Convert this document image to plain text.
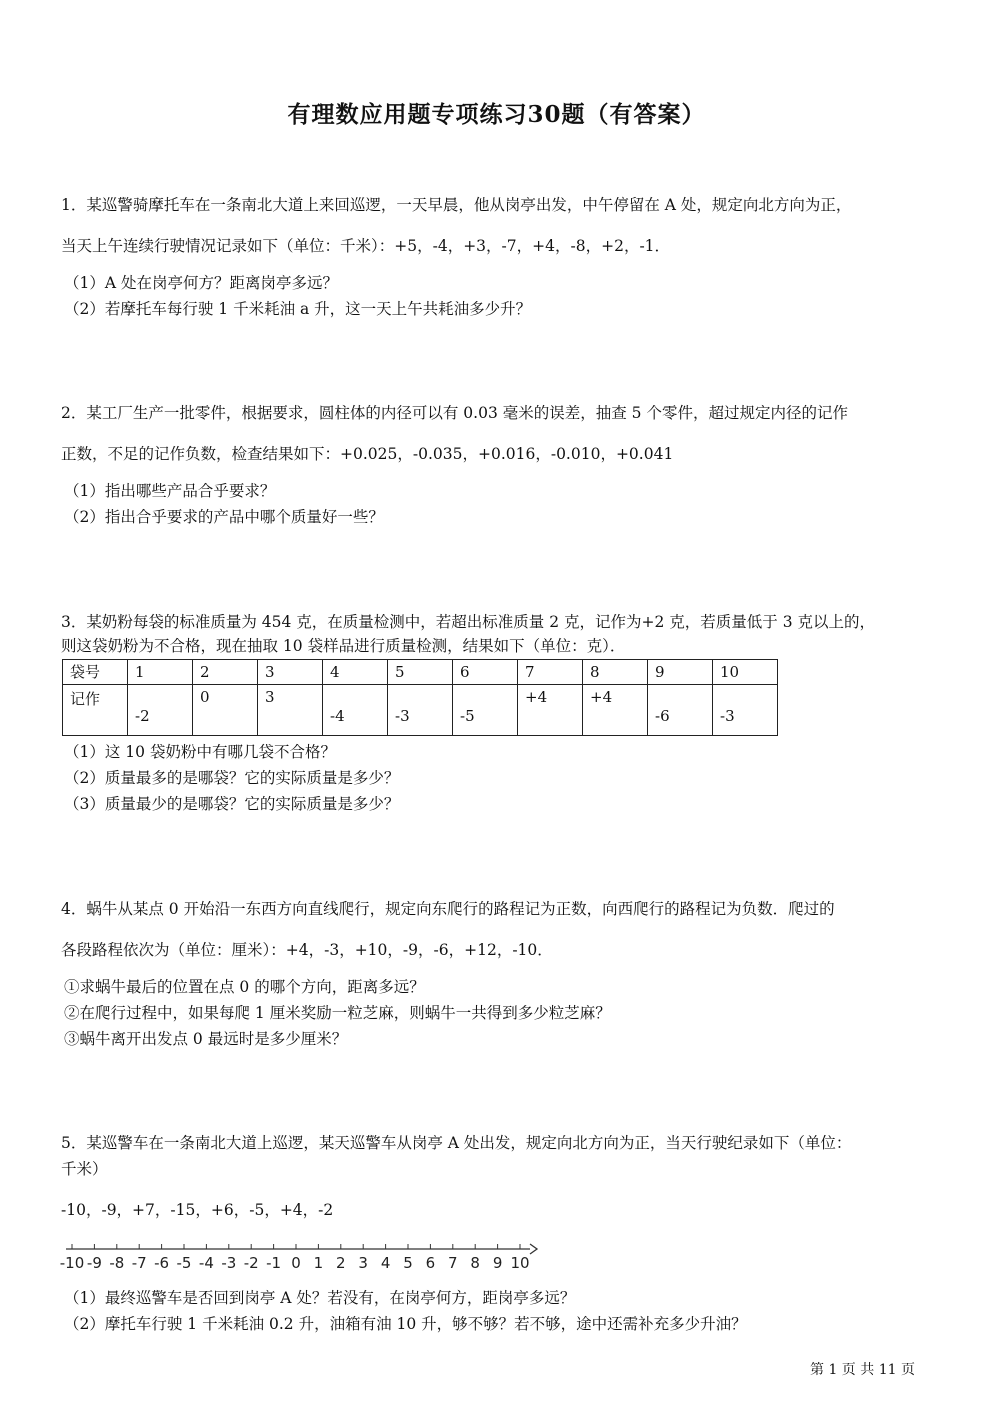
有理数应用题专项练习30题（有答案）
1．某巡警骑摩托车在一条南北大道上来回巡逻，一天早晨，他从岗亭出发，中午停留在 A 处，规定向北方向为正，
当天上午连续行驶情况记录如下（单位：千米）：+5，-4，+3，-7，+4，-8，+2，-1．
（1）A 处在岗亭何方？距离岗亭多远？
（2）若摩托车每行驶 1 千米耗油 a 升，这一天上午共耗油多少升？
2．某工厂生产一批零件，根据要求，圆柱体的内径可以有 0.03 毫米的误差，抽查 5 个零件，超过规定内径的记作
正数，不足的记作负数，检查结果如下：+0.025，-0.035，+0.016，-0.010，+0.041
（1）指出哪些产品合乎要求？
（2）指出合乎要求的产品中哪个质量好一些？
3．某奶粉每袋的标准质量为 454 克，在质量检测中，若超出标准质量 2 克，记作为+2 克，若质量低于 3 克以上的，
则这袋奶粉为不合格，现在抽取 10 袋样品进行质量检测，结果如下（单位：克）．
袋号	1	2	3	4	5	6	7	8	9	10

记作	-2	0	3	-4	-3	-5	+4	+4	-6	-3
（1）这 10 袋奶粉中有哪几袋不合格？
（2）质量最多的是哪袋？它的实际质量是多少？
（3）质量最少的是哪袋？它的实际质量是多少？
4．蜗牛从某点 0 开始沿一东西方向直线爬行，规定向东爬行的路程记为正数，向西爬行的路程记为负数．爬过的
各段路程依次为（单位：厘米）：+4，-3，+10，-9，-6，+12，-10．
①求蜗牛最后的位置在点 0 的哪个方向，距离多远？
②在爬行过程中，如果每爬 1 厘米奖励一粒芝麻，则蜗牛一共得到多少粒芝麻？
③蜗牛离开出发点 0 最远时是多少厘米？
5．某巡警车在一条南北大道上巡逻，某天巡警车从岗亭 A 处出发，规定向北方向为正，当天行驶纪录如下（单位：
千米）
-10，-9，+7，-15，+6，-5，+4，-2
-10 -9 -8 -7 -6 -5 -4 -3 -2 -1 0 1 2 3 4 5 6 7 8 9 10
（1）最终巡警车是否回到岗亭 A 处？若没有，在岗亭何方，距岗亭多远？
（2）摩托车行驶 1 千米耗油 0.2 升，油箱有油 10 升，够不够？若不够，途中还需补充多少升油？
第 1 页 共 11 页
